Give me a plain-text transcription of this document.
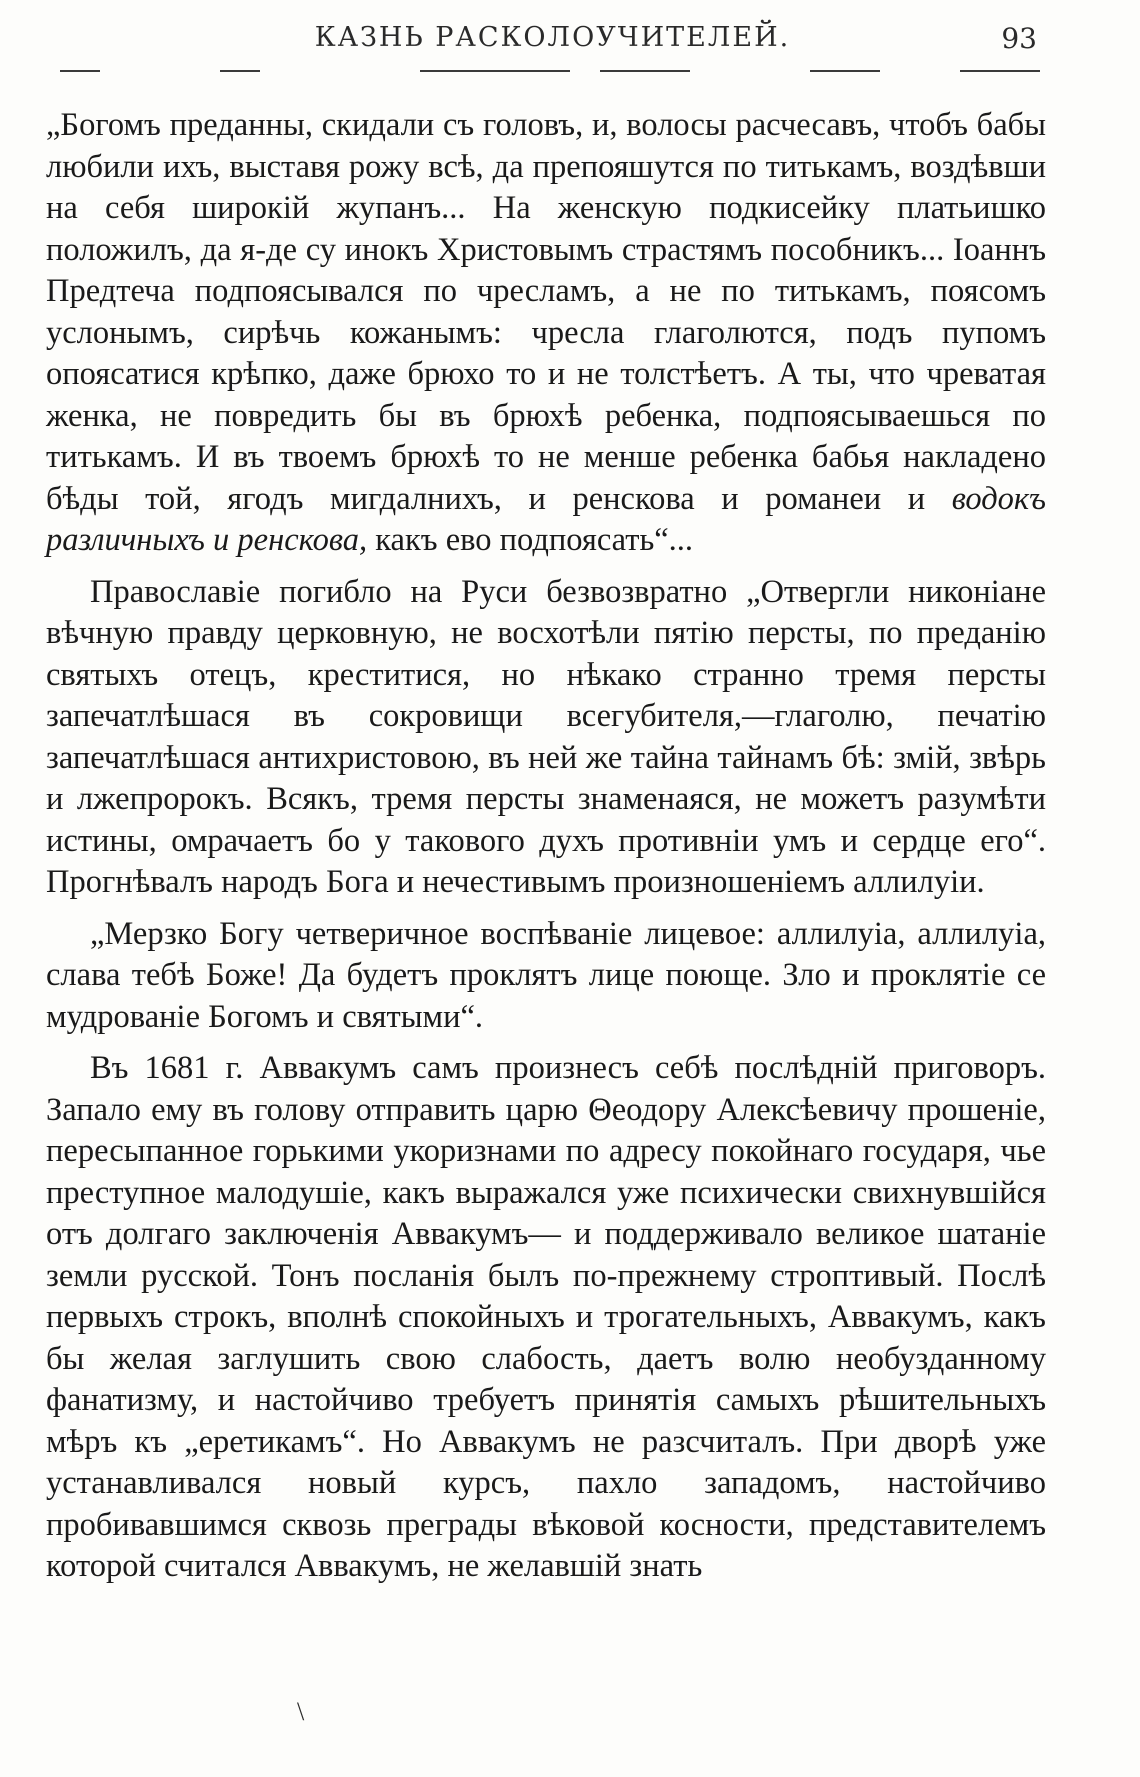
КАЗНЬ РАСКОЛОУЧИТЕЛЕЙ.	93

„Богомъ преданны, скидали съ головъ, и, волосы расчесавъ, чтобъ бабы любили ихъ, выставя рожу всѣ, да препояшутся по титькамъ, воздѣвши на себя широкій жупанъ... На женскую подкисейку платьишко положилъ, да я-де су инокъ Христовымъ страстямъ пособникъ... Іоаннъ Предтеча подпоясывался по чресламъ, а не по титькамъ, поясомъ услонымъ, сирѣчь кожанымъ: чресла глаголются, подъ пупомъ опоясатися крѣпко, даже брюхо то и не толстѣетъ. А ты, что чреватая женка, не повредить бы въ брюхѣ ребенка, подпоясываешься по титькамъ. И въ твоемъ брюхѣ то не менше ребенка бабья накладено бѣды той, ягодъ мигдалнихъ, и ренскова и романеи и водокъ различныхъ и ренскова, какъ ево подпоясать“...

Православіе погибло на Руси безвозвратно „Отвергли никоніане вѣчную правду церковную, не восхотѣли пятію персты, по преданію святыхъ отецъ, креститися, но нѣкако странно тремя персты запечатлѣшася въ сокровищи всегубителя,—глаголю, печатію запечатлѣшася антихристовою, въ ней же тайна тайнамъ бѣ: змій, звѣрь и лжепророкъ. Всякъ, тремя персты знаменаяся, не можетъ разумѣти истины, омрачаетъ бо у такового духъ противніи умъ и сердце его“. Прогнѣвалъ народъ Бога и нечестивымъ произношеніемъ аллилуіи.

„Мерзко Богу четверичное воспѣваніе лицевое: аллилуіа, аллилуіа, слава тебѣ Боже! Да будетъ проклятъ лице поюще. Зло и проклятіе се мудрованіе Богомъ и святыми“.

Въ 1681 г. Аввакумъ самъ произнесъ себѣ послѣдній приговоръ. Запало ему въ голову отправить царю Θеодору Алексѣевичу прошеніе, пересыпанное горькими укоризнами по адресу покойнаго государя, чье преступное малодушіе, какъ выражался уже психически свихнувшійся отъ долгаго заключенія Аввакумъ— и поддерживало великое шатаніе земли русской. Тонъ посланія былъ по-прежнему строптивый. Послѣ первыхъ строкъ, вполнѣ спокойныхъ и трогательныхъ, Аввакумъ, какъ бы желая заглушить свою слабость, даетъ волю необузданному фанатизму, и настойчиво требуетъ принятія самыхъ рѣшительныхъ мѣръ къ „еретикамъ“. Но Аввакумъ не разсчиталъ. При дворѣ уже устанавливался новый курсъ, пахло западомъ, настойчиво пробивавшимся сквозь преграды вѣковой косности, представителемъ которой считался Аввакумъ, не желавшій знать

\
